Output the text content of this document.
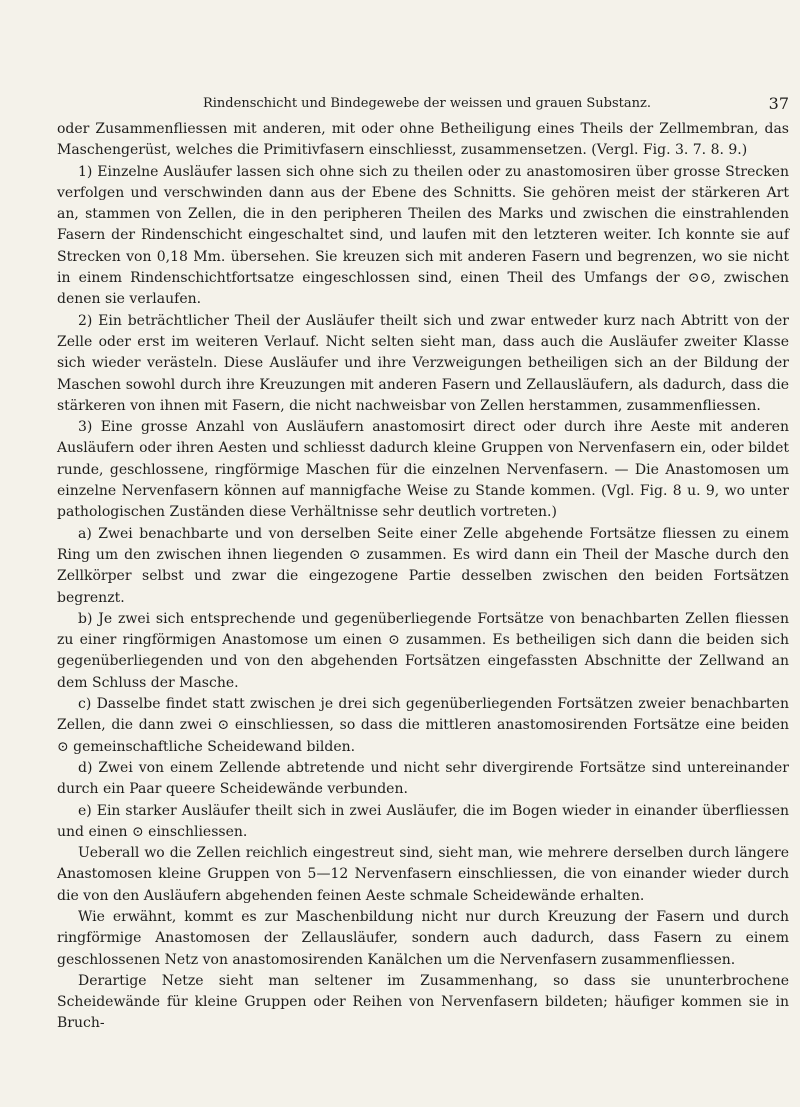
Rindenschicht und Bindegewebe der weissen und grauen Substanz.	37

oder Zusammenfliessen mit anderen, mit oder ohne Betheiligung eines Theils der Zellmembran, das Maschengerüst, welches die Primitivfasern einschliesst, zusammensetzen. (Vergl. Fig. 3. 7. 8. 9.)

1) Einzelne Ausläufer lassen sich ohne sich zu theilen oder zu anastomosiren über grosse Strecken verfolgen und verschwinden dann aus der Ebene des Schnitts. Sie gehören meist der stärkeren Art an, stammen von Zellen, die in den peripheren Theilen des Marks und zwischen die einstrahlenden Fasern der Rindenschicht eingeschaltet sind, und laufen mit den letzteren weiter. Ich konnte sie auf Strecken von 0,18 Mm. übersehen. Sie kreuzen sich mit anderen Fasern und begrenzen, wo sie nicht in einem Rindenschichtfortsatze eingeschlossen sind, einen Theil des Umfangs der ⊙⊙, zwischen denen sie verlaufen.

2) Ein beträchtlicher Theil der Ausläufer theilt sich und zwar entweder kurz nach Abtritt von der Zelle oder erst im weiteren Verlauf. Nicht selten sieht man, dass auch die Ausläufer zweiter Klasse sich wieder verästeln. Diese Ausläufer und ihre Verzweigungen betheiligen sich an der Bildung der Maschen sowohl durch ihre Kreuzungen mit anderen Fasern und Zellausläufern, als dadurch, dass die stärkeren von ihnen mit Fasern, die nicht nachweisbar von Zellen herstammen, zusammenfliessen.

3) Eine grosse Anzahl von Ausläufern anastomosirt direct oder durch ihre Aeste mit anderen Ausläufern oder ihren Aesten und schliesst dadurch kleine Gruppen von Nervenfasern ein, oder bildet runde, geschlossene, ringförmige Maschen für die einzelnen Nervenfasern. — Die Anastomosen um einzelne Nervenfasern können auf mannigfache Weise zu Stande kommen. (Vgl. Fig. 8 u. 9, wo unter pathologischen Zuständen diese Verhältnisse sehr deutlich vortreten.)

a) Zwei benachbarte und von derselben Seite einer Zelle abgehende Fortsätze fliessen zu einem Ring um den zwischen ihnen liegenden ⊙ zusammen. Es wird dann ein Theil der Masche durch den Zellkörper selbst und zwar die eingezogene Partie desselben zwischen den beiden Fortsätzen begrenzt.

b) Je zwei sich entsprechende und gegenüberliegende Fortsätze von benachbarten Zellen fliessen zu einer ringförmigen Anastomose um einen ⊙ zusammen. Es betheiligen sich dann die beiden sich gegenüberliegenden und von den abgehenden Fortsätzen eingefassten Abschnitte der Zellwand an dem Schluss der Masche.

c) Dasselbe findet statt zwischen je drei sich gegenüberliegenden Fortsätzen zweier benachbarten Zellen, die dann zwei ⊙ einschliessen, so dass die mittleren anastomosirenden Fortsätze eine beiden ⊙ gemeinschaftliche Scheidewand bilden.

d) Zwei von einem Zellende abtretende und nicht sehr divergirende Fortsätze sind untereinander durch ein Paar queere Scheidewände verbunden.

e) Ein starker Ausläufer theilt sich in zwei Ausläufer, die im Bogen wieder in einander überfliessen und einen ⊙ einschliessen.

Ueberall wo die Zellen reichlich eingestreut sind, sieht man, wie mehrere derselben durch längere Anastomosen kleine Gruppen von 5—12 Nervenfasern einschliessen, die von einander wieder durch die von den Ausläufern abgehenden feinen Aeste schmale Scheidewände erhalten.

Wie erwähnt, kommt es zur Maschenbildung nicht nur durch Kreuzung der Fasern und durch ringförmige Anastomosen der Zellausläufer, sondern auch dadurch, dass Fasern zu einem geschlossenen Netz von anastomosirenden Kanälchen um die Nervenfasern zusammenfliessen.

Derartige Netze sieht man seltener im Zusammenhang, so dass sie ununterbrochene Scheidewände für kleine Gruppen oder Reihen von Nervenfasern bildeten; häufiger kommen sie in Bruch-
